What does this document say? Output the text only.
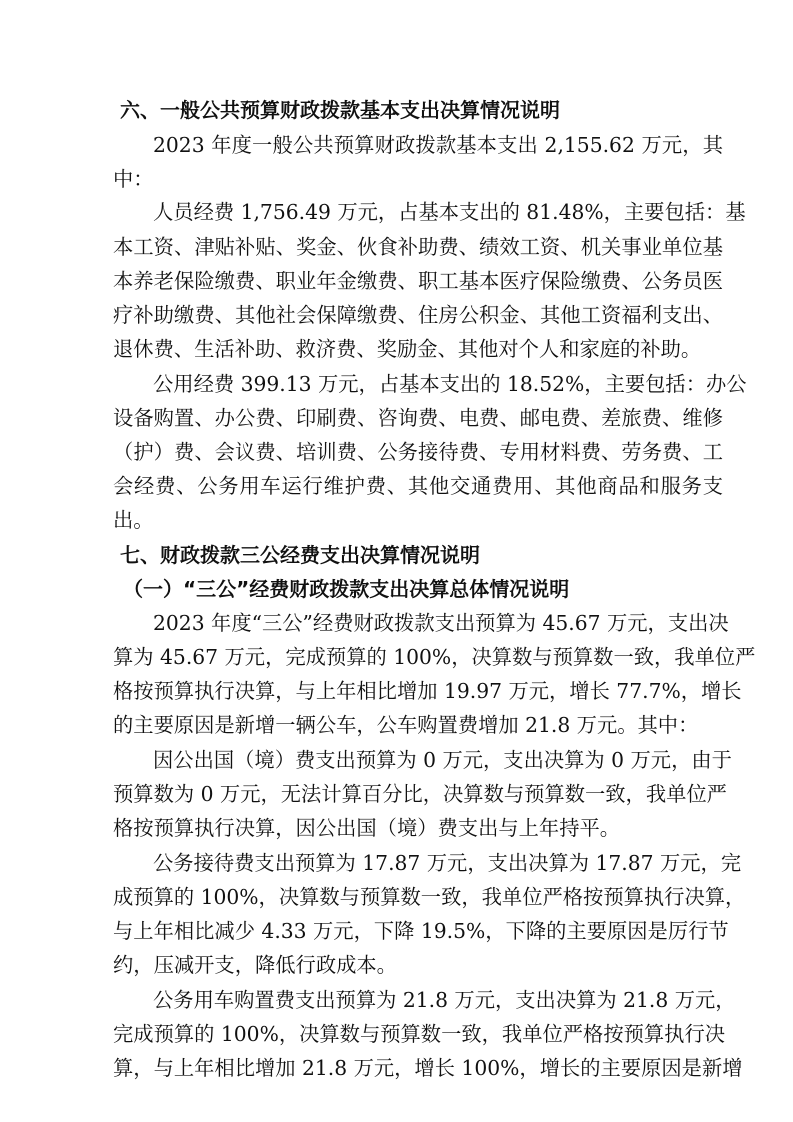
六、一般公共预算财政拨款基本支出决算情况说明
2023 年度一般公共预算财政拨款基本支出 2,155.62 万元，其
中：
人员经费 1,756.49 万元，占基本支出的 81.48%，主要包括：基
本工资、津贴补贴、奖金、伙食补助费、绩效工资、机关事业单位基
本养老保险缴费、职业年金缴费、职工基本医疗保险缴费、公务员医
疗补助缴费、其他社会保障缴费、住房公积金、其他工资福利支出、
退休费、生活补助、救济费、奖励金、其他对个人和家庭的补助。
公用经费 399.13 万元，占基本支出的 18.52%，主要包括：办公
设备购置、办公费、印刷费、咨询费、电费、邮电费、差旅费、维修
（护）费、会议费、培训费、公务接待费、专用材料费、劳务费、工
会经费、公务用车运行维护费、其他交通费用、其他商品和服务支
出。
七、财政拨款三公经费支出决算情况说明
（一）“三公”经费财政拨款支出决算总体情况说明
2023 年度“三公”经费财政拨款支出预算为 45.67 万元，支出决
算为 45.67 万元，完成预算的 100%，决算数与预算数一致，我单位严
格按预算执行决算，与上年相比增加 19.97 万元，增长 77.7%，增长
的主要原因是新增一辆公车，公车购置费增加 21.8 万元。其中：
因公出国（境）费支出预算为 0 万元，支出决算为 0 万元，由于
预算数为 0 万元，无法计算百分比，决算数与预算数一致，我单位严
格按预算执行决算，因公出国（境）费支出与上年持平。
公务接待费支出预算为 17.87 万元，支出决算为 17.87 万元，完
成预算的 100%，决算数与预算数一致，我单位严格按预算执行决算，
与上年相比减少 4.33 万元，下降 19.5%，下降的主要原因是厉行节
约，压减开支，降低行政成本。
公务用车购置费支出预算为 21.8 万元，支出决算为 21.8 万元，
完成预算的 100%，决算数与预算数一致，我单位严格按预算执行决
算，与上年相比增加 21.8 万元，增长 100%，增长的主要原因是新增
